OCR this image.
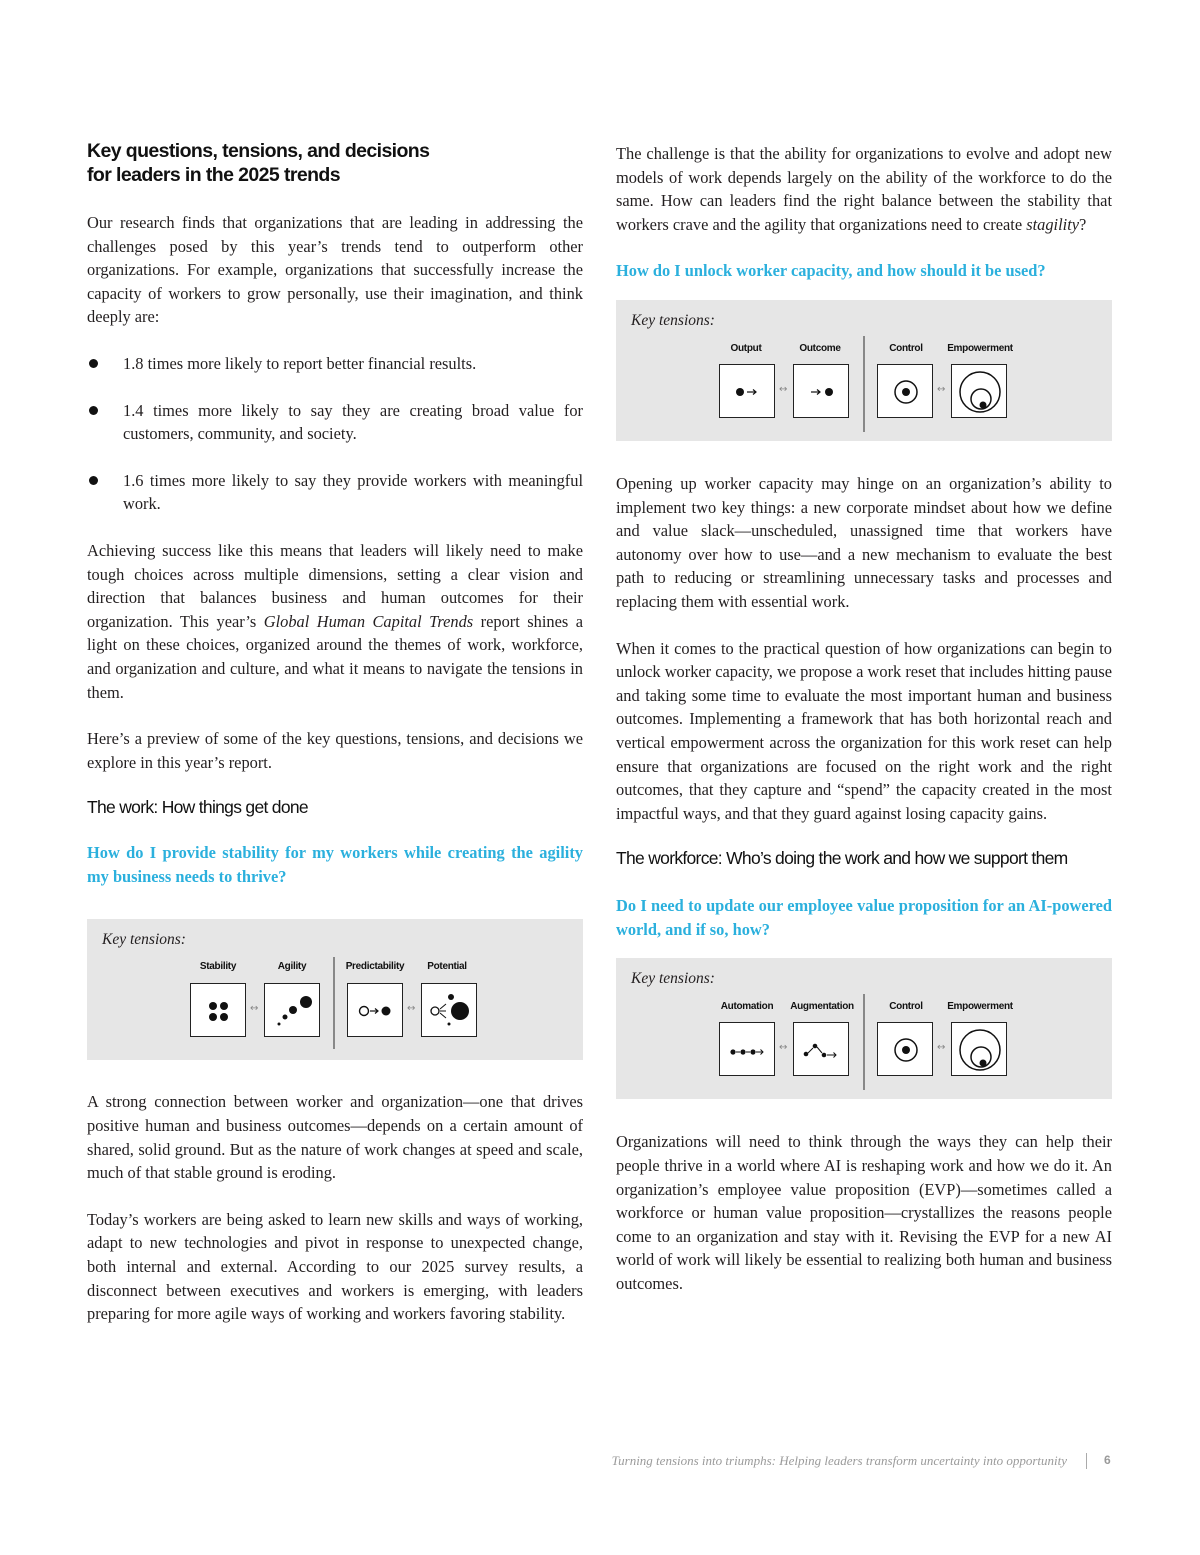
Key questions, tensions, and decisions for leaders in the 2025 trends

Our research finds that organizations that are leading in addressing the challenges posed by this year’s trends tend to outperform other organizations. For example, organizations that successfully increase the capacity of workers to grow personally, use their imagination, and think deeply are:

1.8 times more likely to report better financial results.
1.4 times more likely to say they are creating broad value for customers, community, and society.
1.6 times more likely to say they provide workers with meaningful work.

Achieving success like this means that leaders will likely need to make tough choices across multiple dimensions, setting a clear vision and direction that balances business and human outcomes for their organization. This year’s Global Human Capital Trends report shines a light on these choices, organized around the themes of work, workforce, and organization and culture, and what it means to navigate the tensions in them.

Here’s a preview of some of the key questions, tensions, and decisions we explore in this year’s report.

The work: How things get done

How do I provide stability for my workers while creating the agility my business needs to thrive?

Key tensions:
Stability	Agility	Predictability	Potential
↔	↔

A strong connection between worker and organization—one that drives positive human and business outcomes—depends on a certain amount of shared, solid ground. But as the nature of work changes at speed and scale, much of that stable ground is eroding.

Today’s workers are being asked to learn new skills and ways of working, adapt to new technologies and pivot in response to unexpected change, both internal and external. According to our 2025 survey results, a disconnect between executives and workers is emerging, with leaders preparing for more agile ways of working and workers favoring stability.

The challenge is that the ability for organizations to evolve and adopt new models of work depends largely on the ability of the workforce to do the same. How can leaders find the right balance between the stability that workers crave and the agility that organizations need to create stagility?

How do I unlock worker capacity, and how should it be used?

Key tensions:
Output	Outcome	Control	Empowerment
↔	↔

Opening up worker capacity may hinge on an organization’s ability to implement two key things: a new corporate mindset about how we define and value slack—unscheduled, unassigned time that workers have autonomy over how to use—and a new mechanism to evaluate the best path to reducing or streamlining unnecessary tasks and processes and replacing them with essential work.

When it comes to the practical question of how organizations can begin to unlock worker capacity, we propose a work reset that includes hitting pause and taking some time to evaluate the most important human and business outcomes. Implementing a framework that has both horizontal reach and vertical empowerment across the organization for this work reset can help ensure that organizations are focused on the right work and the right outcomes, that they capture and “spend” the capacity created in the most impactful ways, and that they guard against losing capacity gains.

The workforce: Who’s doing the work and how we support them

Do I need to update our employee value proposition for an AI-powered world, and if so, how?

Key tensions:
Automation	Augmentation	Control	Empowerment
↔	↔

Organizations will need to think through the ways they can help their people thrive in a world where AI is reshaping work and how we do it. An organization’s employee value proposition (EVP)—sometimes called a workforce or human value proposition—crystallizes the reasons people come to an organization and stay with it. Revising the EVP for a new AI world of work will likely be essential to realizing both human and business outcomes.

Turning tensions into triumphs: Helping leaders transform uncertainty into opportunity	6
